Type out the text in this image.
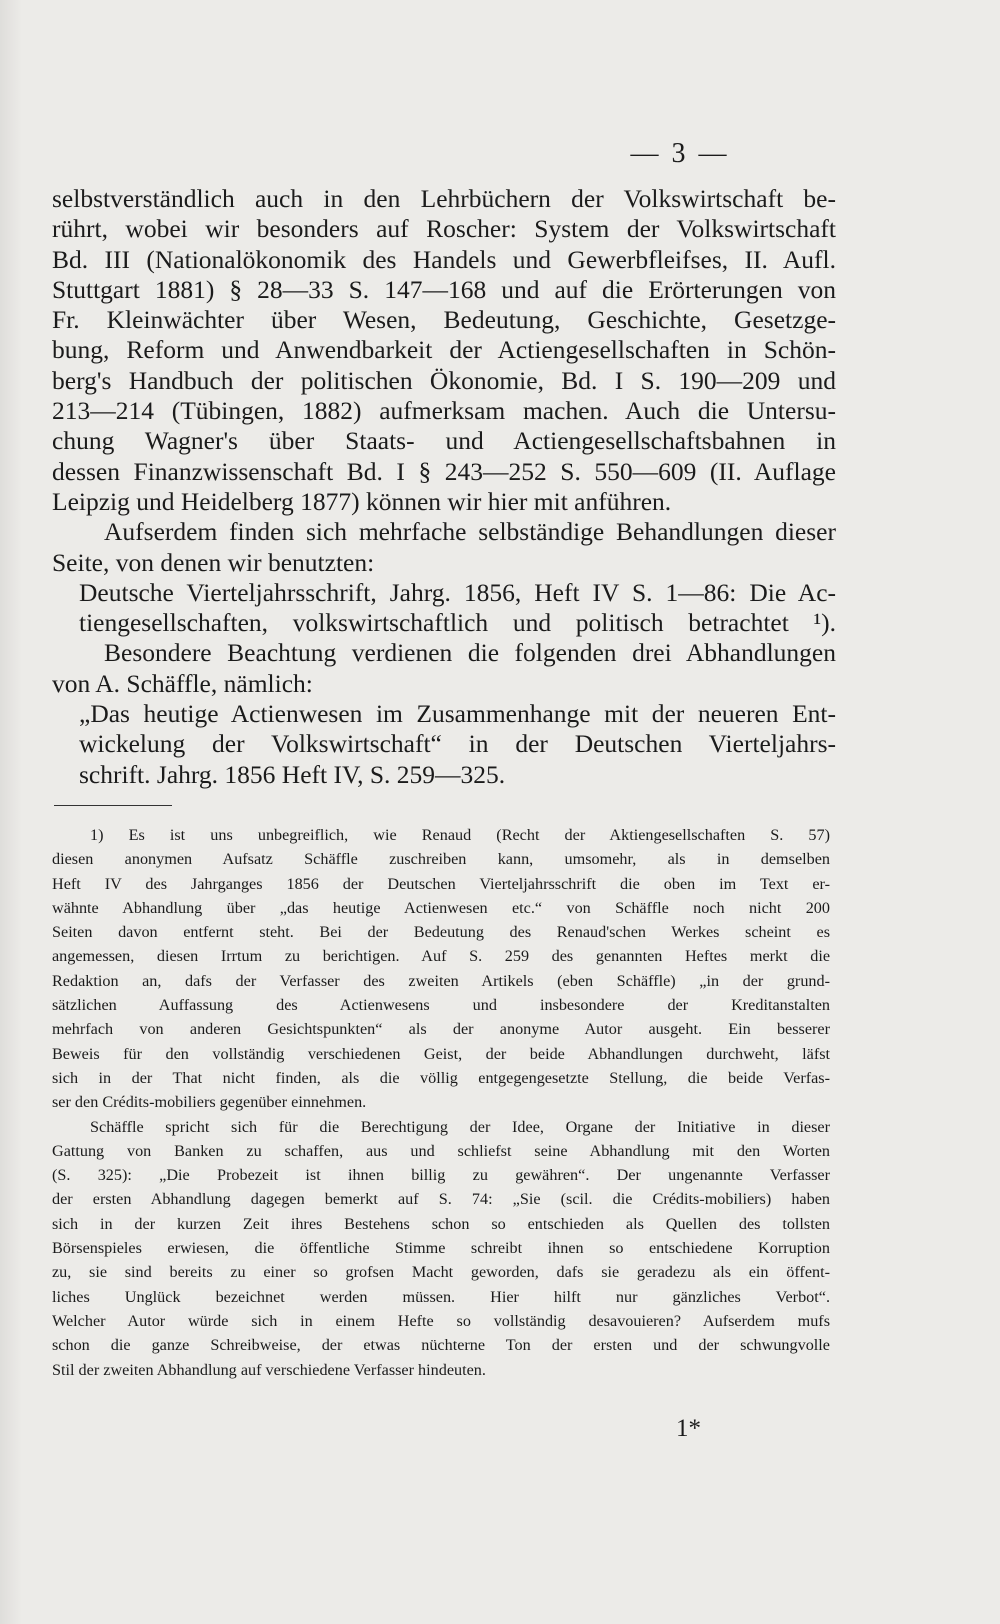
— 3 —
selbstverständlich auch in den Lehrbüchern der Volkswirtschaft be-
rührt, wobei wir besonders auf Roscher: System der Volkswirtschaft
Bd. III (Nationalökonomik des Handels und Gewerbfleifses, II. Aufl.
Stuttgart 1881) § 28—33 S. 147—168 und auf die Erörterungen von
Fr. Kleinwächter über Wesen, Bedeutung, Geschichte, Gesetzge-
bung, Reform und Anwendbarkeit der Actiengesellschaften in Schön-
berg's Handbuch der politischen Ökonomie, Bd. I S. 190—209 und
213—214 (Tübingen, 1882) aufmerksam machen. Auch die Untersu-
chung Wagner's über Staats- und Actiengesellschaftsbahnen in
dessen Finanzwissenschaft Bd. I § 243—252 S. 550—609 (II. Auflage
Leipzig und Heidelberg 1877) können wir hier mit anführen.
Aufserdem finden sich mehrfache selbständige Behandlungen dieser
Seite, von denen wir benutzten:
Deutsche Vierteljahrsschrift, Jahrg. 1856, Heft IV S. 1—86: Die Ac-
tiengesellschaften, volkswirtschaftlich und politisch betrachtet ¹).
Besondere Beachtung verdienen die folgenden drei Abhandlungen
von A. Schäffle, nämlich:
„Das heutige Actienwesen im Zusammenhange mit der neueren Ent-
wickelung der Volkswirtschaft“ in der Deutschen Vierteljahrs-
schrift. Jahrg. 1856 Heft IV, S. 259—325.
1) Es ist uns unbegreiflich, wie Renaud (Recht der Aktiengesellschaften S. 57)
diesen anonymen Aufsatz Schäffle zuschreiben kann, umsomehr, als in demselben
Heft IV des Jahrganges 1856 der Deutschen Vierteljahrsschrift die oben im Text er-
wähnte Abhandlung über „das heutige Actienwesen etc.“ von Schäffle noch nicht 200
Seiten davon entfernt steht. Bei der Bedeutung des Renaud'schen Werkes scheint es
angemessen, diesen Irrtum zu berichtigen. Auf S. 259 des genannten Heftes merkt die
Redaktion an, dafs der Verfasser des zweiten Artikels (eben Schäffle) „in der grund-
sätzlichen Auffassung des Actienwesens und insbesondere der Kreditanstalten
mehrfach von anderen Gesichtspunkten“ als der anonyme Autor ausgeht. Ein besserer
Beweis für den vollständig verschiedenen Geist, der beide Abhandlungen durchweht, läfst
sich in der That nicht finden, als die völlig entgegengesetzte Stellung, die beide Verfas-
ser den Crédits-mobiliers gegenüber einnehmen.
Schäffle spricht sich für die Berechtigung der Idee, Organe der Initiative in dieser
Gattung von Banken zu schaffen, aus und schliefst seine Abhandlung mit den Worten
(S. 325): „Die Probezeit ist ihnen billig zu gewähren“. Der ungenannte Verfasser
der ersten Abhandlung dagegen bemerkt auf S. 74: „Sie (scil. die Crédits-mobiliers) haben
sich in der kurzen Zeit ihres Bestehens schon so entschieden als Quellen des tollsten
Börsenspieles erwiesen, die öffentliche Stimme schreibt ihnen so entschiedene Korruption
zu, sie sind bereits zu einer so grofsen Macht geworden, dafs sie geradezu als ein öffent-
liches Unglück bezeichnet werden müssen. Hier hilft nur gänzliches Verbot“.
Welcher Autor würde sich in einem Hefte so vollständig desavouieren? Aufserdem mufs
schon die ganze Schreibweise, der etwas nüchterne Ton der ersten und der schwungvolle
Stil der zweiten Abhandlung auf verschiedene Verfasser hindeuten.
1*
